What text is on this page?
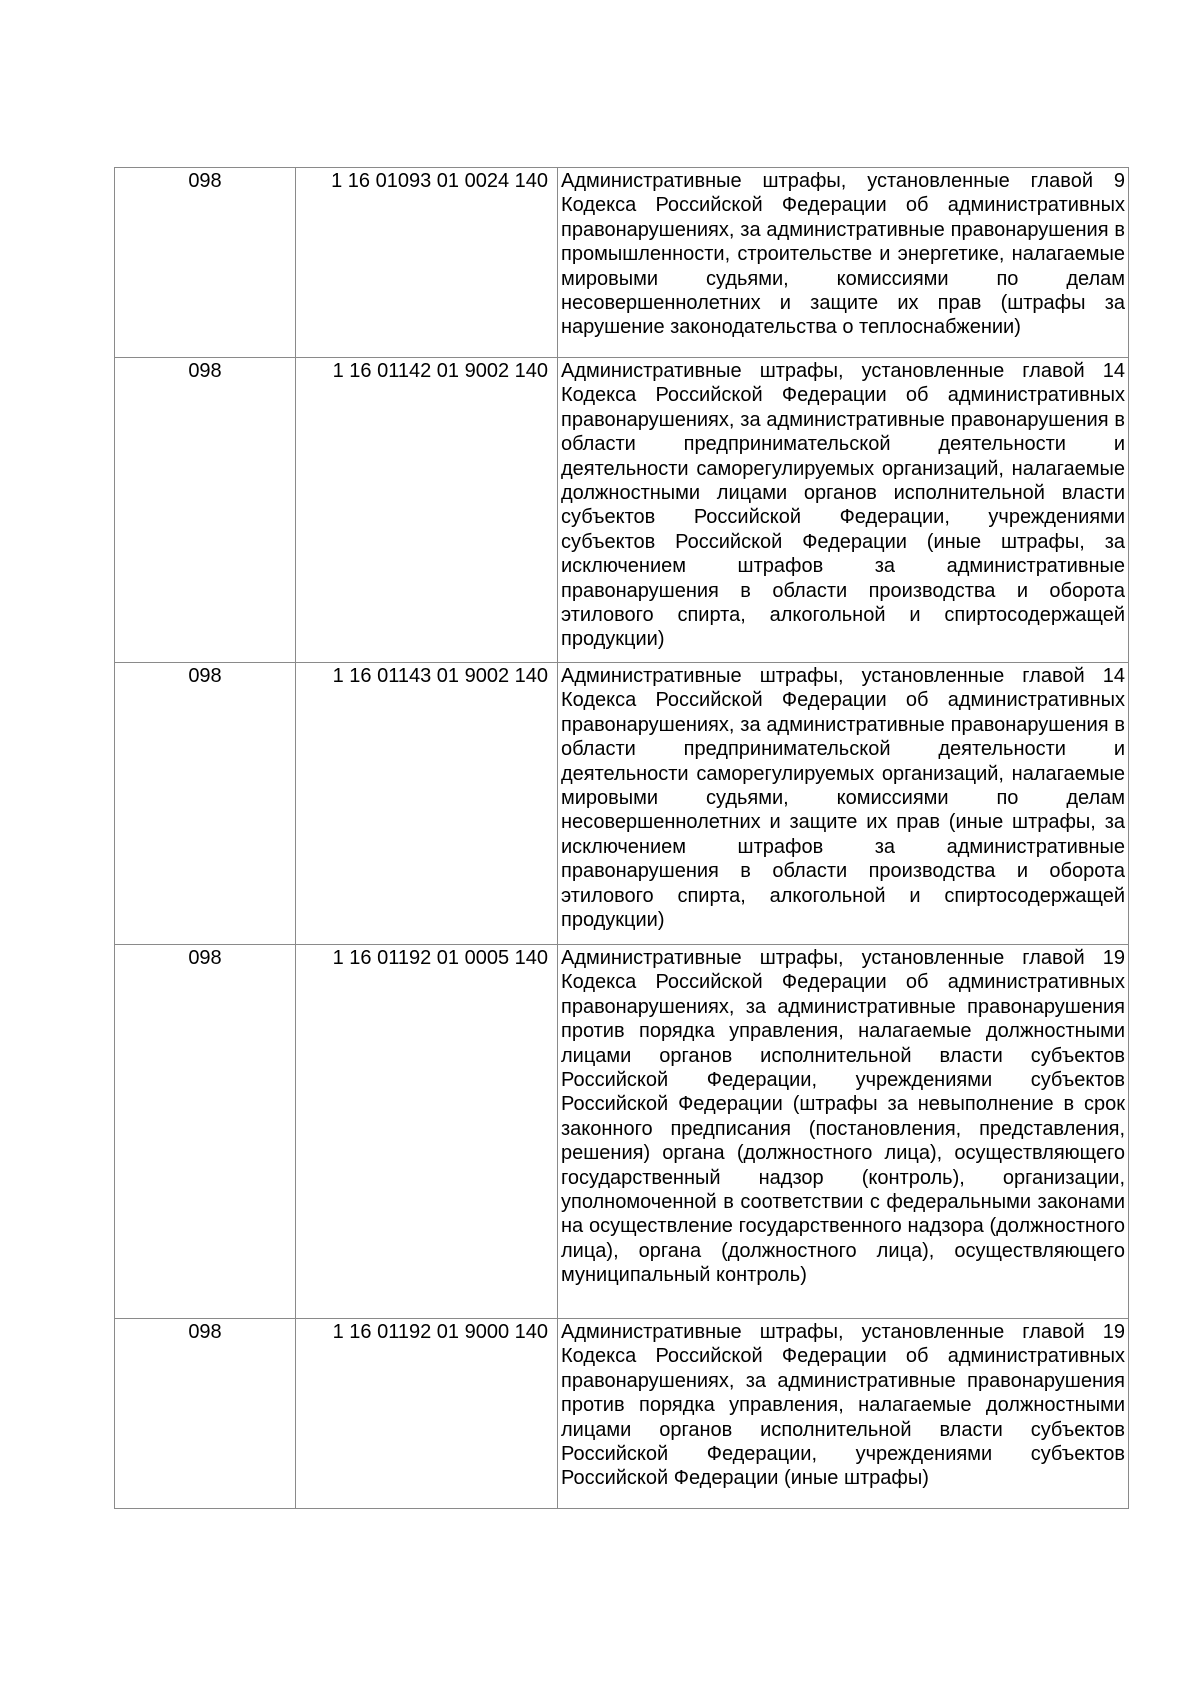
098	1 16 01093 01 0024 140	Административные штрафы, установленные главой 9 Кодекса Российской Федерации об административных правонарушениях, за административные правонарушения в промышленности, строительстве и энергетике, налагаемые мировыми судьями, комиссиями по делам несовершеннолетних и защите их прав (штрафы за нарушение законодательства о теплоснабжении)

098	1 16 01142 01 9002 140	Административные штрафы, установленные главой 14 Кодекса Российской Федерации об административных правонарушениях, за административные правонарушения в области предпринимательской деятельности и деятельности саморегулируемых организаций, налагаемые должностными лицами органов исполнительной власти субъектов Российской Федерации, учреждениями субъектов Российской Федерации (иные штрафы, за исключением штрафов за административные правонарушения в области производства и оборота этилового спирта, алкогольной и спиртосодержащей продукции)

098	1 16 01143 01 9002 140	Административные штрафы, установленные главой 14 Кодекса Российской Федерации об административных правонарушениях, за административные правонарушения в области предпринимательской деятельности и деятельности саморегулируемых организаций, налагаемые мировыми судьями, комиссиями по делам несовершеннолетних и защите их прав (иные штрафы, за исключением штрафов за административные правонарушения в области производства и оборота этилового спирта, алкогольной и спиртосодержащей продукции)

098	1 16 01192 01 0005 140	Административные штрафы, установленные главой 19 Кодекса Российской Федерации об административных правонарушениях, за административные правонарушения против порядка управления, налагаемые должностными лицами органов исполнительной власти субъектов Российской Федерации, учреждениями субъектов Российской Федерации (штрафы за невыполнение в срок законного предписания (постановления, представления, решения) органа (должностного лица), осуществляющего государственный надзор (контроль), организации, уполномоченной в соответствии с федеральными законами на осуществление государственного надзора (должностного лица), органа (должностного лица), осуществляющего муниципальный контроль)

098	1 16 01192 01 9000 140	Административные штрафы, установленные главой 19 Кодекса Российской Федерации об административных правонарушениях, за административные правонарушения против порядка управления, налагаемые должностными лицами органов исполнительной власти субъектов Российской Федерации, учреждениями субъектов Российской Федерации (иные штрафы)
